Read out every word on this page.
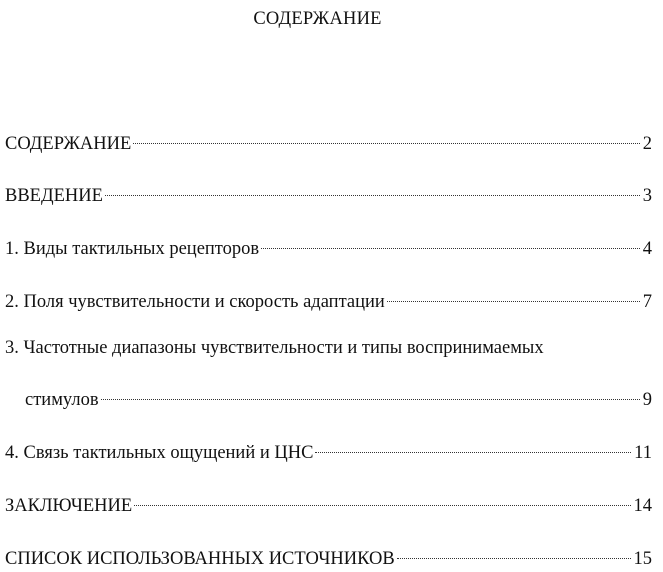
СОДЕРЖАНИЕ
СОДЕРЖАНИЕ	2
ВВЕДЕНИЕ	3
1. Виды тактильных рецепторов	4
2. Поля чувствительности и скорость адаптации	7
3. Частотные диапазоны чувствительности и типы воспринимаемых
стимулов	9
4. Связь тактильных ощущений и ЦНС	11
ЗАКЛЮЧЕНИЕ	14
СПИСОК ИСПОЛЬЗОВАННЫХ ИСТОЧНИКОВ	15
